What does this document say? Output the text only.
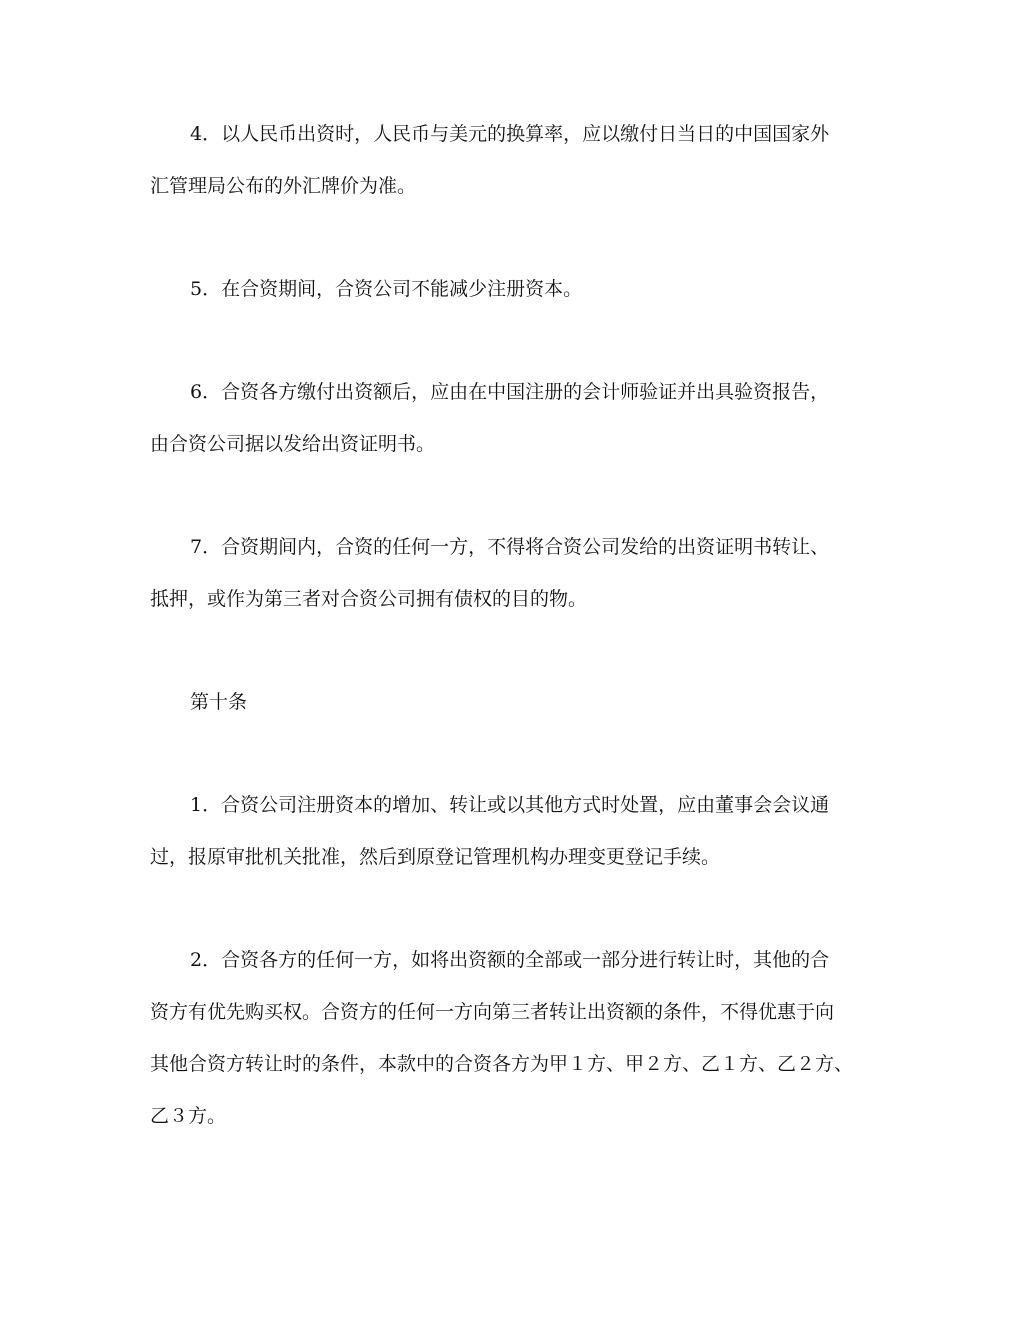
4．以人民币出资时，人民币与美元的换算率，应以缴付日当日的中国国家外
汇管理局公布的外汇牌价为准。
5．在合资期间，合资公司不能减少注册资本。
6．合资各方缴付出资额后，应由在中国注册的会计师验证并出具验资报告，
由合资公司据以发给出资证明书。
7．合资期间内，合资的任何一方，不得将合资公司发给的出资证明书转让、
抵押，或作为第三者对合资公司拥有债权的目的物。
第十条
1．合资公司注册资本的增加、转让或以其他方式时处置，应由董事会会议通
过，报原审批机关批准，然后到原登记管理机构办理变更登记手续。
2．合资各方的任何一方，如将出资额的全部或一部分进行转让时，其他的合
资方有优先购买权。合资方的任何一方向第三者转让出资额的条件，不得优惠于向
其他合资方转让时的条件，本款中的合资各方为甲１方、甲２方、乙１方、乙２方、
乙３方。
